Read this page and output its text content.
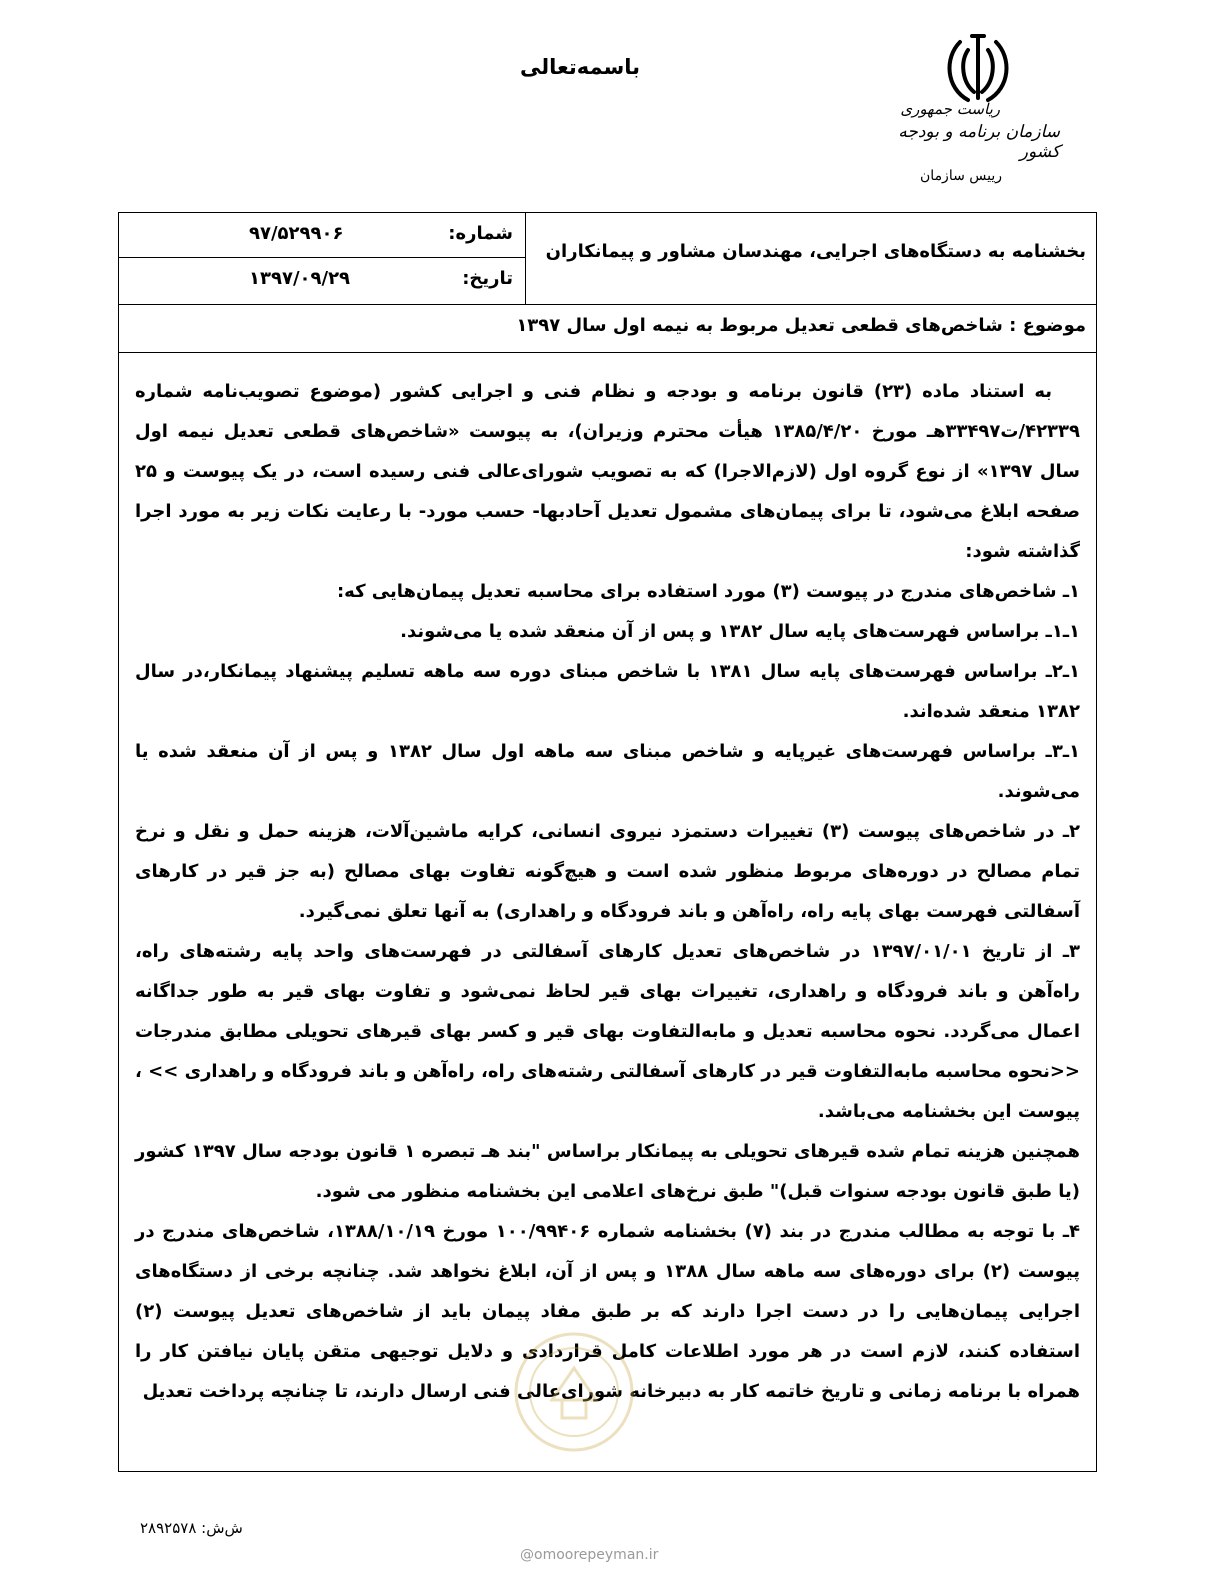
باسمه‌تعالی
ریاست جمهوری
سازمان برنامه و بودجه کشور
رییس سازمان
بخشنامه به دستگاه‌های اجرایی، مهندسان مشاور و پیمانکاران
شماره:
۹۷/۵۲۹۹۰۶
تاریخ:
۱۳۹۷/۰۹/۲۹
موضوع : شاخص‌های قطعی تعدیل مربوط به نیمه اول سال ۱۳۹۷

به استناد ماده (۲۳) قانون برنامه و بودجه و نظام فنی و اجرایی کشور (موضوع تصویب‌نامه شماره ۴۲۳۳۹/ت۳۳۴۹۷هـ مورخ ۱۳۸۵/۴/۲۰ هیأت محترم وزیران)، به پیوست «شاخص‌های قطعی تعدیل نیمه اول سال ۱۳۹۷» از نوع گروه اول (لازم‌الاجرا) که به تصویب شورای‌عالی فنی رسیده است، در یک پیوست و ۲۵ صفحه ابلاغ می‌شود، تا برای پیمان‌های مشمول تعدیل آحادبها- حسب مورد- با رعایت نکات زیر به مورد اجرا گذاشته شود:

۱ـ شاخص‌های مندرج در پیوست (۳) مورد استفاده برای محاسبه تعدیل پیمان‌هایی که:

۱ـ۱ـ براساس فهرست‌های پایه سال ۱۳۸۲ و پس از آن منعقد شده یا می‌شوند.

۱ـ۲ـ براساس فهرست‌های پایه سال ۱۳۸۱ با شاخص مبنای دوره سه ماهه تسلیم پیشنهاد پیمانکار،در سال ۱۳۸۲ منعقد شده‌اند.

۱ـ۳ـ براساس فهرست‌های غیرپایه و شاخص مبنای سه ماهه اول سال ۱۳۸۲ و پس از آن منعقد شده یا می‌شوند.

۲ـ در شاخص‌های پیوست (۳) تغییرات دستمزد نیروی انسانی، کرایه ماشین‌آلات، هزینه حمل و نقل و نرخ تمام مصالح در دوره‌های مربوط منظور شده است و هیچ‌گونه تفاوت بهای مصالح (به جز قیر در کارهای آسفالتی فهرست بهای پایه راه، راه‌آهن و باند فرودگاه و راهداری) به آنها تعلق نمی‌گیرد.

۳ـ از تاریخ ۱۳۹۷/۰۱/۰۱ در شاخص‌های تعدیل کارهای آسفالتی در فهرست‌های واحد پایه رشته‌های راه، راه‌آهن و باند فرودگاه و راهداری، تغییرات بهای قیر لحاظ نمی‌شود و تفاوت بهای قیر به طور جداگانه اعمال می‌گردد. نحوه محاسبه تعدیل و مابه‌التفاوت بهای قیر و کسر بهای قیرهای تحویلی مطابق مندرجات <<نحوه محاسبه مابه‌التفاوت قیر در کارهای آسفالتی رشته‌های راه، راه‌آهن و باند فرودگاه و راهداری >> ، پیوست این بخشنامه می‌باشد.

همچنین هزینه تمام شده قیرهای تحویلی به پیمانکار براساس "بند هـ تبصره ۱ قانون بودجه سال ۱۳۹۷ کشور (یا طبق قانون بودجه سنوات قبل)" طبق نرخ‌های اعلامی این بخشنامه منظور می شود.

۴ـ با توجه به مطالب مندرج در بند (۷) بخشنامه شماره ۱۰۰/۹۹۴۰۶ مورخ ۱۳۸۸/۱۰/۱۹، شاخص‌های مندرج در پیوست (۲) برای دوره‌های سه ماهه سال ۱۳۸۸ و پس از آن، ابلاغ نخواهد شد. چنانچه برخی از دستگاه‌های اجرایی پیمان‌هایی را در دست اجرا دارند که بر طبق مفاد پیمان باید از شاخص‌های تعدیل پیوست (۲) استفاده کنند، لازم است در هر مورد اطلاعات کامل قراردادی و دلایل توجیهی متقن پایان نیافتن کار را همراه با برنامه زمانی و تاریخ خاتمه کار به دبیرخانه شورای‌عالی فنی ارسال دارند، تا چنانچه پرداخت تعدیل

ش‌ش: ۲۸۹۲۵۷۸
@omoorepeyman.ir
